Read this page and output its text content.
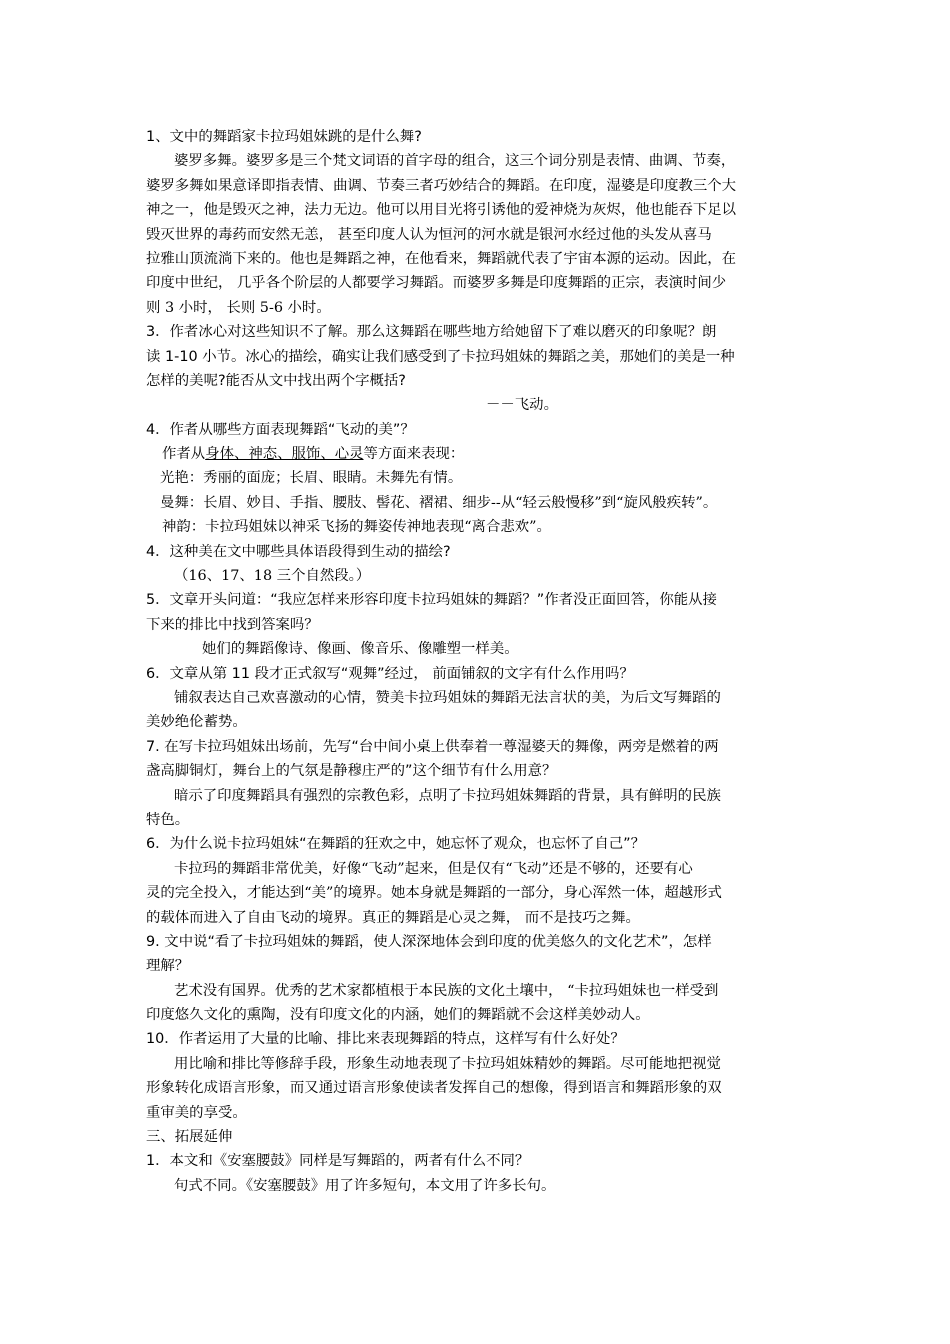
1、文中的舞蹈家卡拉玛姐妹跳的是什么舞?
婆罗多舞。婆罗多是三个梵文词语的首字母的组合，这三个词分别是表情、曲调、节奏，
婆罗多舞如果意译即指表情、曲调、节奏三者巧妙结合的舞蹈。在印度，湿婆是印度教三个大
神之一，他是毁灭之神，法力无边。他可以用目光将引诱他的爱神烧为灰烬，他也能吞下足以
毁灭世界的毒药而安然无恙， 甚至印度人认为恒河的河水就是银河水经过他的头发从喜马
拉雅山顶流淌下来的。他也是舞蹈之神，在他看来，舞蹈就代表了宇宙本源的运动。因此，在
印度中世纪， 几乎各个阶层的人都要学习舞蹈。而婆罗多舞是印度舞蹈的正宗，表演时间少
则 3 小时， 长则 5-6 小时。
3．作者冰心对这些知识不了解。那么这舞蹈在哪些地方给她留下了难以磨灭的印象呢？朗
读 1-10 小节。冰心的描绘，确实让我们感受到了卡拉玛姐妹的舞蹈之美，那她们的美是一种
怎样的美呢?能否从文中找出两个字概括?
－－飞动。
4．作者从哪些方面表现舞蹈“飞动的美”？
作者从身体、神态、服饰、心灵等方面来表现：
光艳：秀丽的面庞；长眉、眼睛。未舞先有情。
曼舞：长眉、妙目、手指、腰肢、髻花、褶裙、细步--从“轻云般慢移”到“旋风般疾转”。
神韵：卡拉玛姐妹以神采飞扬的舞姿传神地表现“离合悲欢”。
4．这种美在文中哪些具体语段得到生动的描绘?
（16、17、18 三个自然段。）
5．文章开头问道：“我应怎样来形容印度卡拉玛姐妹的舞蹈？”作者没正面回答，你能从接
下来的排比中找到答案吗？
她们的舞蹈像诗、像画、像音乐、像雕塑一样美。
6．文章从第 11 段才正式叙写“观舞”经过， 前面铺叙的文字有什么作用吗？
铺叙表达自己欢喜激动的心情，赞美卡拉玛姐妹的舞蹈无法言状的美，为后文写舞蹈的
美妙绝伦蓄势。
7. 在写卡拉玛姐妹出场前，先写“台中间小桌上供奉着一尊湿婆天的舞像，两旁是燃着的两
盏高脚铜灯，舞台上的气氛是静穆庄严的”这个细节有什么用意？
暗示了印度舞蹈具有强烈的宗教色彩，点明了卡拉玛姐妹舞蹈的背景，具有鲜明的民族
特色。
6．为什么说卡拉玛姐妹“在舞蹈的狂欢之中，她忘怀了观众，也忘怀了自己”？
卡拉玛的舞蹈非常优美，好像“飞动”起来，但是仅有“飞动”还是不够的，还要有心
灵的完全投入，才能达到“美”的境界。她本身就是舞蹈的一部分，身心浑然一体，超越形式
的载体而进入了自由飞动的境界。真正的舞蹈是心灵之舞， 而不是技巧之舞。
9. 文中说“看了卡拉玛姐妹的舞蹈，使人深深地体会到印度的优美悠久的文化艺术”，怎样
理解？
艺术没有国界。优秀的艺术家都植根于本民族的文化土壤中， “卡拉玛姐妹也一样受到
印度悠久文化的熏陶，没有印度文化的内涵，她们的舞蹈就不会这样美妙动人。
10．作者运用了大量的比喻、排比来表现舞蹈的特点，这样写有什么好处？
用比喻和排比等修辞手段，形象生动地表现了卡拉玛姐妹精妙的舞蹈。尽可能地把视觉
形象转化成语言形象，而又通过语言形象使读者发挥自己的想像，得到语言和舞蹈形象的双
重审美的享受。
三、拓展延伸
1．本文和《安塞腰鼓》同样是写舞蹈的，两者有什么不同？
句式不同。《安塞腰鼓》用了许多短句，本文用了许多长句。
